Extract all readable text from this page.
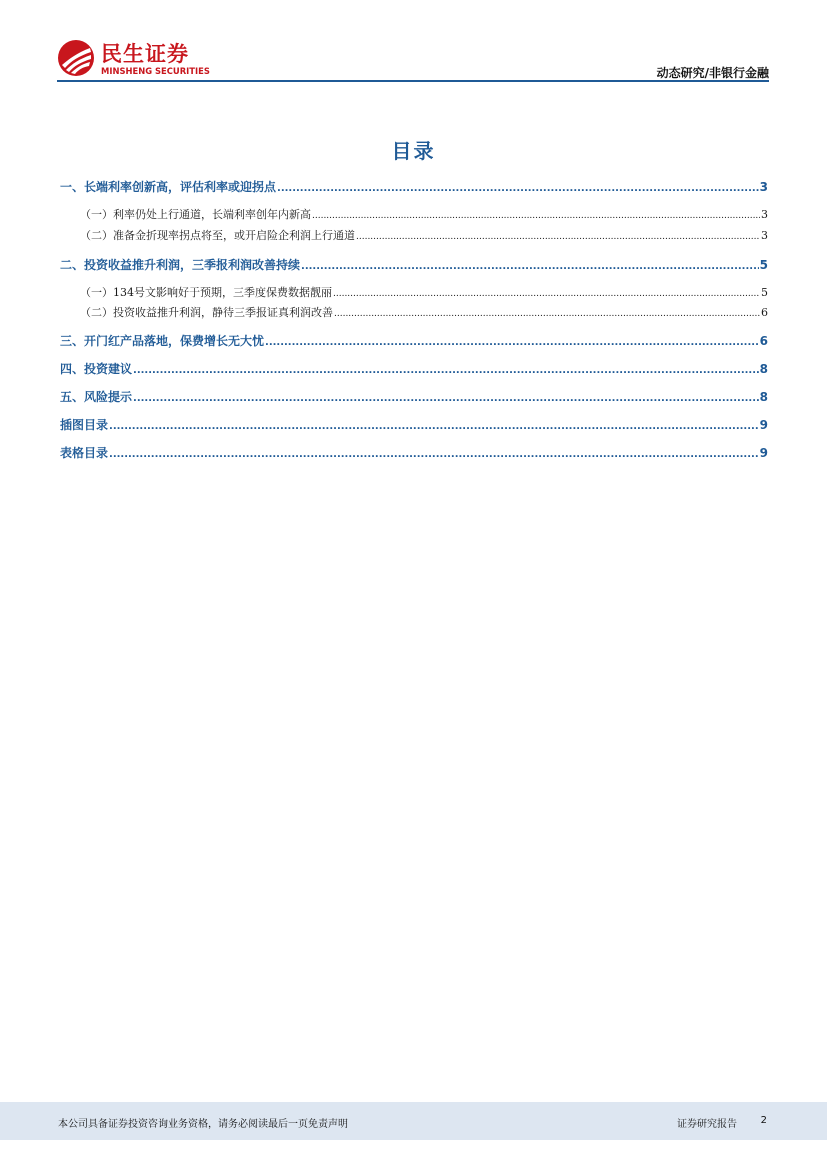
民生证券
MINSHENG SECURITIES	动态研究/非银行金融
目录
一、长端利率创新高，评估利率或迎拐点 .....	3
（一）利率仍处上行通道，长端利率创年内新高 .....	3
（二）准备金折现率拐点将至，或开启险企利润上行通道 .....	3
二、投资收益推升利润，三季报利润改善持续 .....	5
（一）134号文影响好于预期，三季度保费数据靓丽 .....	5
（二）投资收益推升利润，静待三季报证真利润改善 .....	6
三、开门红产品落地，保费增长无大忧 .....	6
四、投资建议 .....	8
五、风险提示 .....	8
插图目录 .....	9
表格目录 .....	9
本公司具备证券投资咨询业务资格，请务必阅读最后一页免责声明	证券研究报告 2
